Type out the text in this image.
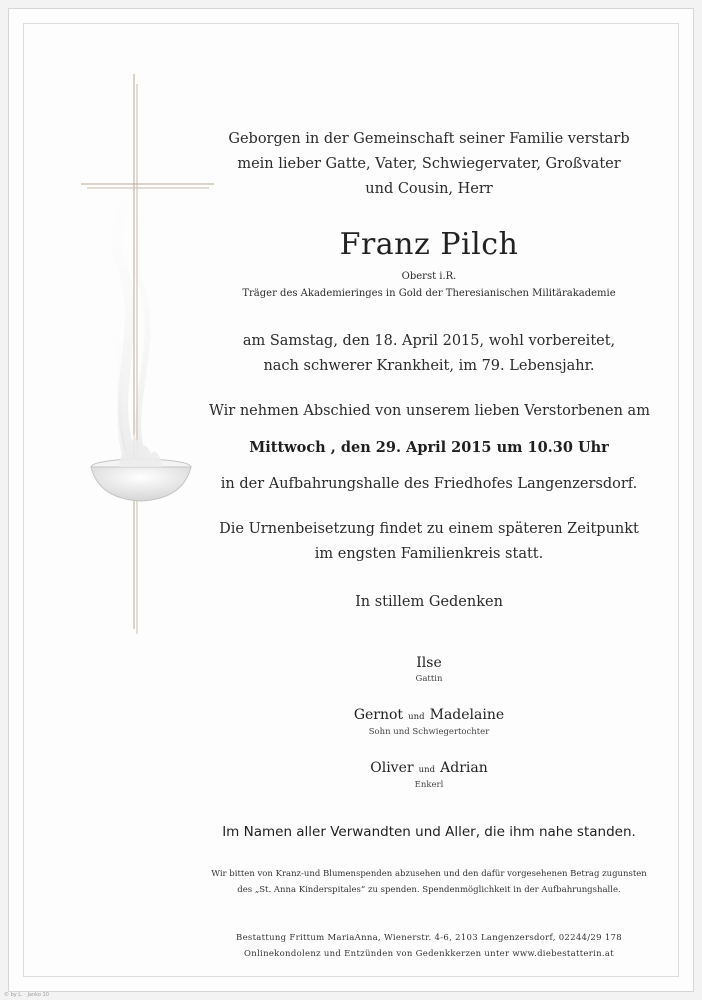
Geborgen in der Gemeinschaft seiner Familie verstarb
mein lieber Gatte, Vater, Schwiegervater, Großvater
und Cousin, Herr
Franz Pilch
Oberst i.R.
Träger des Akademieringes in Gold der Theresianischen Militärakademie
am Samstag, den 18. April 2015, wohl vorbereitet,
nach schwerer Krankheit, im 79. Lebensjahr.
Wir nehmen Abschied von unserem lieben Verstorbenen am
Mittwoch , den 29. April 2015 um 10.30 Uhr
in der Aufbahrungshalle des Friedhofes Langenzersdorf.
Die Urnenbeisetzung findet zu einem späteren Zeitpunkt
im engsten Familienkreis statt.
In stillem Gedenken
Ilse
Gattin
Gernot und Madelaine
Sohn und Schwiegertochter
Oliver und Adrian
Enkerl
Im Namen aller Verwandten und Aller, die ihm nahe standen.
Wir bitten von Kranz-und Blumenspenden abzusehen und den dafür vorgesehenen Betrag zugunsten
des „St. Anna Kinderspitales“ zu spenden. Spendenmöglichkeit in der Aufbahrungshalle.
Bestattung Frittum MariaAnna, Wienerstr. 4-6, 2103 Langenzersdorf, 02244/29 178
Onlinekondolenz und Entzünden von Gedenkkerzen unter www.diebestatterin.at
© by L. · Janko 10
